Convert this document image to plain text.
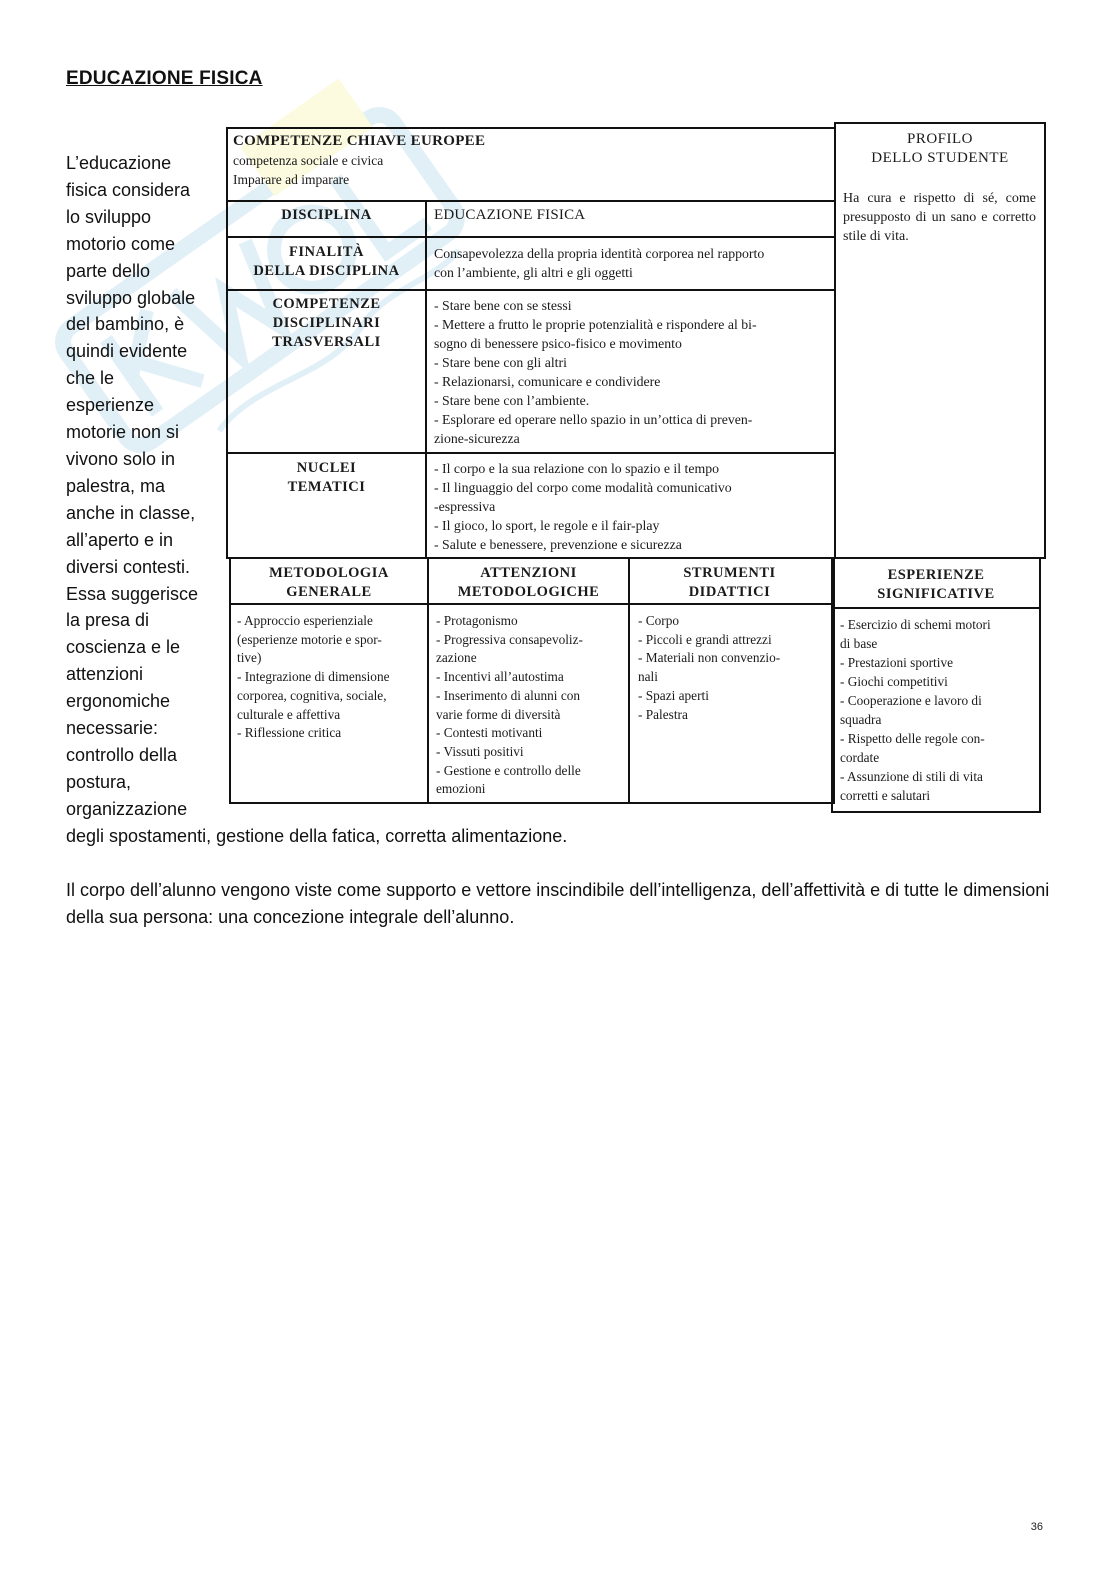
EDUCAZIONE FISICA
L’educazione
fisica considera
lo sviluppo
motorio come
parte dello
sviluppo globale
del bambino, è
quindi evidente
che le
esperienze
motorie non si
vivono solo in
palestra, ma
anche in classe,
all’aperto e in
diversi contesti.
Essa suggerisce
la presa di
coscienza e le
attenzioni
ergonomiche
necessarie:
controllo della
postura,
organizzazione
COMPETENZE CHIAVE EUROPEE
competenza sociale e civica
Imparare ad imparare
PROFILO
DELLO STUDENTE
Ha cura e rispetto di sé, come presupposto di un sano e corretto stile di vita.
DISCIPLINA	EDUCAZIONE FISICA
FINALITÀ
DELLA DISCIPLINA
Consapevolezza della propria identità corporea nel rapporto
con l’ambiente, gli altri e gli oggetti
COMPETENZE
DISCIPLINARI
TRASVERSALI
- Stare bene con se stessi
- Mettere a frutto le proprie potenzialità e rispondere al bi-
sogno di benessere psico-fisico e movimento
- Stare bene con gli altri
- Relazionarsi, comunicare e condividere
- Stare bene con l’ambiente.
- Esplorare ed operare nello spazio in un’ottica di preven-
zione-sicurezza
NUCLEI
TEMATICI
- Il corpo e la sua relazione con lo spazio e il tempo
- Il linguaggio del corpo come modalità comunicativo
-espressiva
- Il gioco, lo sport, le regole e il fair-play
- Salute e benessere, prevenzione e sicurezza
METODOLOGIA
GENERALE
ATTENZIONI
METODOLOGICHE
STRUMENTI
DIDATTICI
ESPERIENZE
SIGNIFICATIVE
- Approccio esperienziale
(esperienze motorie e spor-
tive)
- Integrazione di dimensione
corporea, cognitiva, sociale,
culturale e affettiva
- Riflessione critica
- Protagonismo
- Progressiva consapevoliz-
zazione
- Incentivi all’autostima
- Inserimento di alunni con
varie forme di diversità
- Contesti motivanti
- Vissuti positivi
- Gestione e controllo delle
emozioni
- Corpo
- Piccoli e grandi attrezzi
- Materiali non convenzio-
nali
- Spazi aperti
- Palestra
- Esercizio di schemi motori
di base
- Prestazioni sportive
- Giochi competitivi
- Cooperazione e lavoro di
squadra
- Rispetto delle regole con-
cordate
- Assunzione di stili di vita
corretti e salutari
degli spostamenti, gestione della fatica, corretta alimentazione.
Il corpo dell’alunno vengono viste come supporto e vettore inscindibile dell’intelligenza, dell’affettività e di tutte le dimensioni della sua persona: una concezione integrale dell’alunno.
36
